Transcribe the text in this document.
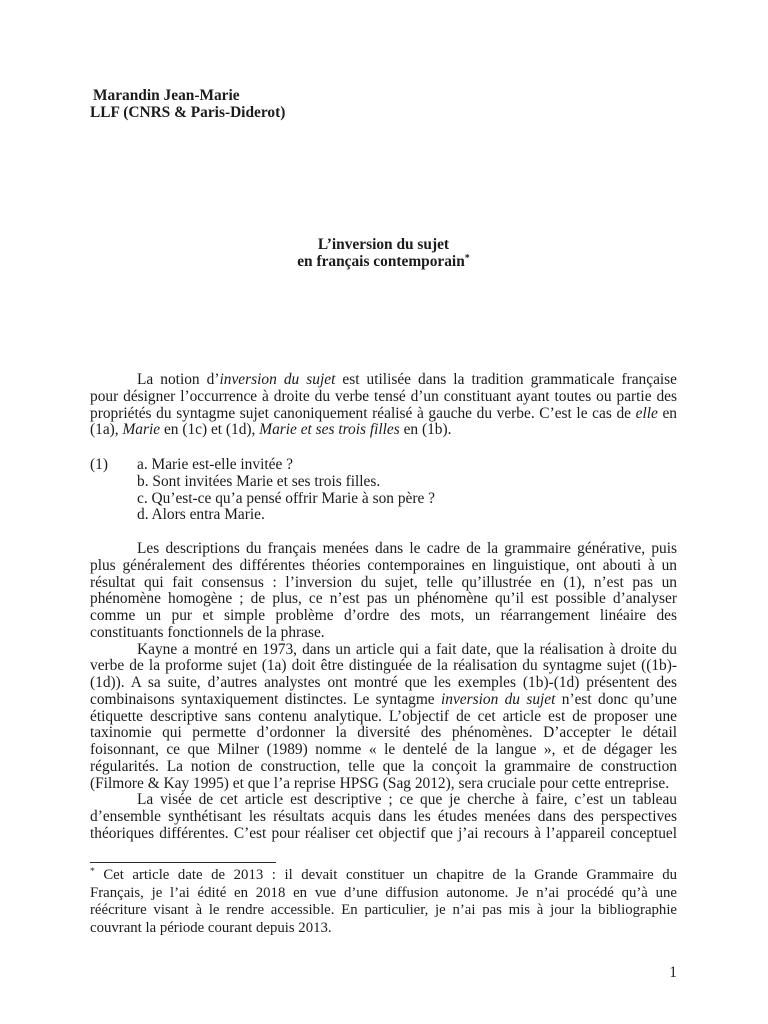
Marandin Jean-Marie
LLF (CNRS & Paris-Diderot)
L’inversion du sujet
en français contemporain*
La notion d’inversion du sujet est utilisée dans la tradition grammaticale française
pour désigner l’occurrence à droite du verbe tensé d’un constituant ayant toutes ou partie des
propriétés du syntagme sujet canoniquement réalisé à gauche du verbe. C’est le cas de elle en
(1a), Marie en (1c) et (1d), Marie et ses trois filles en (1b).
(1) a. Marie est-elle invitée ?
b. Sont invitées Marie et ses trois filles.
c. Qu’est-ce qu’a pensé offrir Marie à son père ?
d. Alors entra Marie.
Les descriptions du français menées dans le cadre de la grammaire générative, puis
plus généralement des différentes théories contemporaines en linguistique, ont abouti à un
résultat qui fait consensus : l’inversion du sujet, telle qu’illustrée en (1), n’est pas un
phénomène homogène ; de plus, ce n’est pas un phénomène qu’il est possible d’analyser
comme un pur et simple problème d’ordre des mots, un réarrangement linéaire des
constituants fonctionnels de la phrase.
Kayne a montré en 1973, dans un article qui a fait date, que la réalisation à droite du
verbe de la proforme sujet (1a) doit être distinguée de la réalisation du syntagme sujet ((1b)-
(1d)). A sa suite, d’autres analystes ont montré que les exemples (1b)-(1d) présentent des
combinaisons syntaxiquement distinctes. Le syntagme inversion du sujet n’est donc qu’une
étiquette descriptive sans contenu analytique. L’objectif de cet article est de proposer une
taxinomie qui permette d’ordonner la diversité des phénomènes. D’accepter le détail
foisonnant, ce que Milner (1989) nomme « le dentelé de la langue », et de dégager les
régularités. La notion de construction, telle que la conçoit la grammaire de construction
(Filmore & Kay 1995) et que l’a reprise HPSG (Sag 2012), sera cruciale pour cette entreprise.
La visée de cet article est descriptive ; ce que je cherche à faire, c’est un tableau
d’ensemble synthétisant les résultats acquis dans les études menées dans des perspectives
théoriques différentes. C’est pour réaliser cet objectif que j’ai recours à l’appareil conceptuel
* Cet article date de 2013 : il devait constituer un chapitre de la Grande Grammaire du
Français, je l’ai édité en 2018 en vue d’une diffusion autonome. Je n’ai procédé qu’à une
réécriture visant à le rendre accessible. En particulier, je n’ai pas mis à jour la bibliographie
couvrant la période courant depuis 2013.
1
